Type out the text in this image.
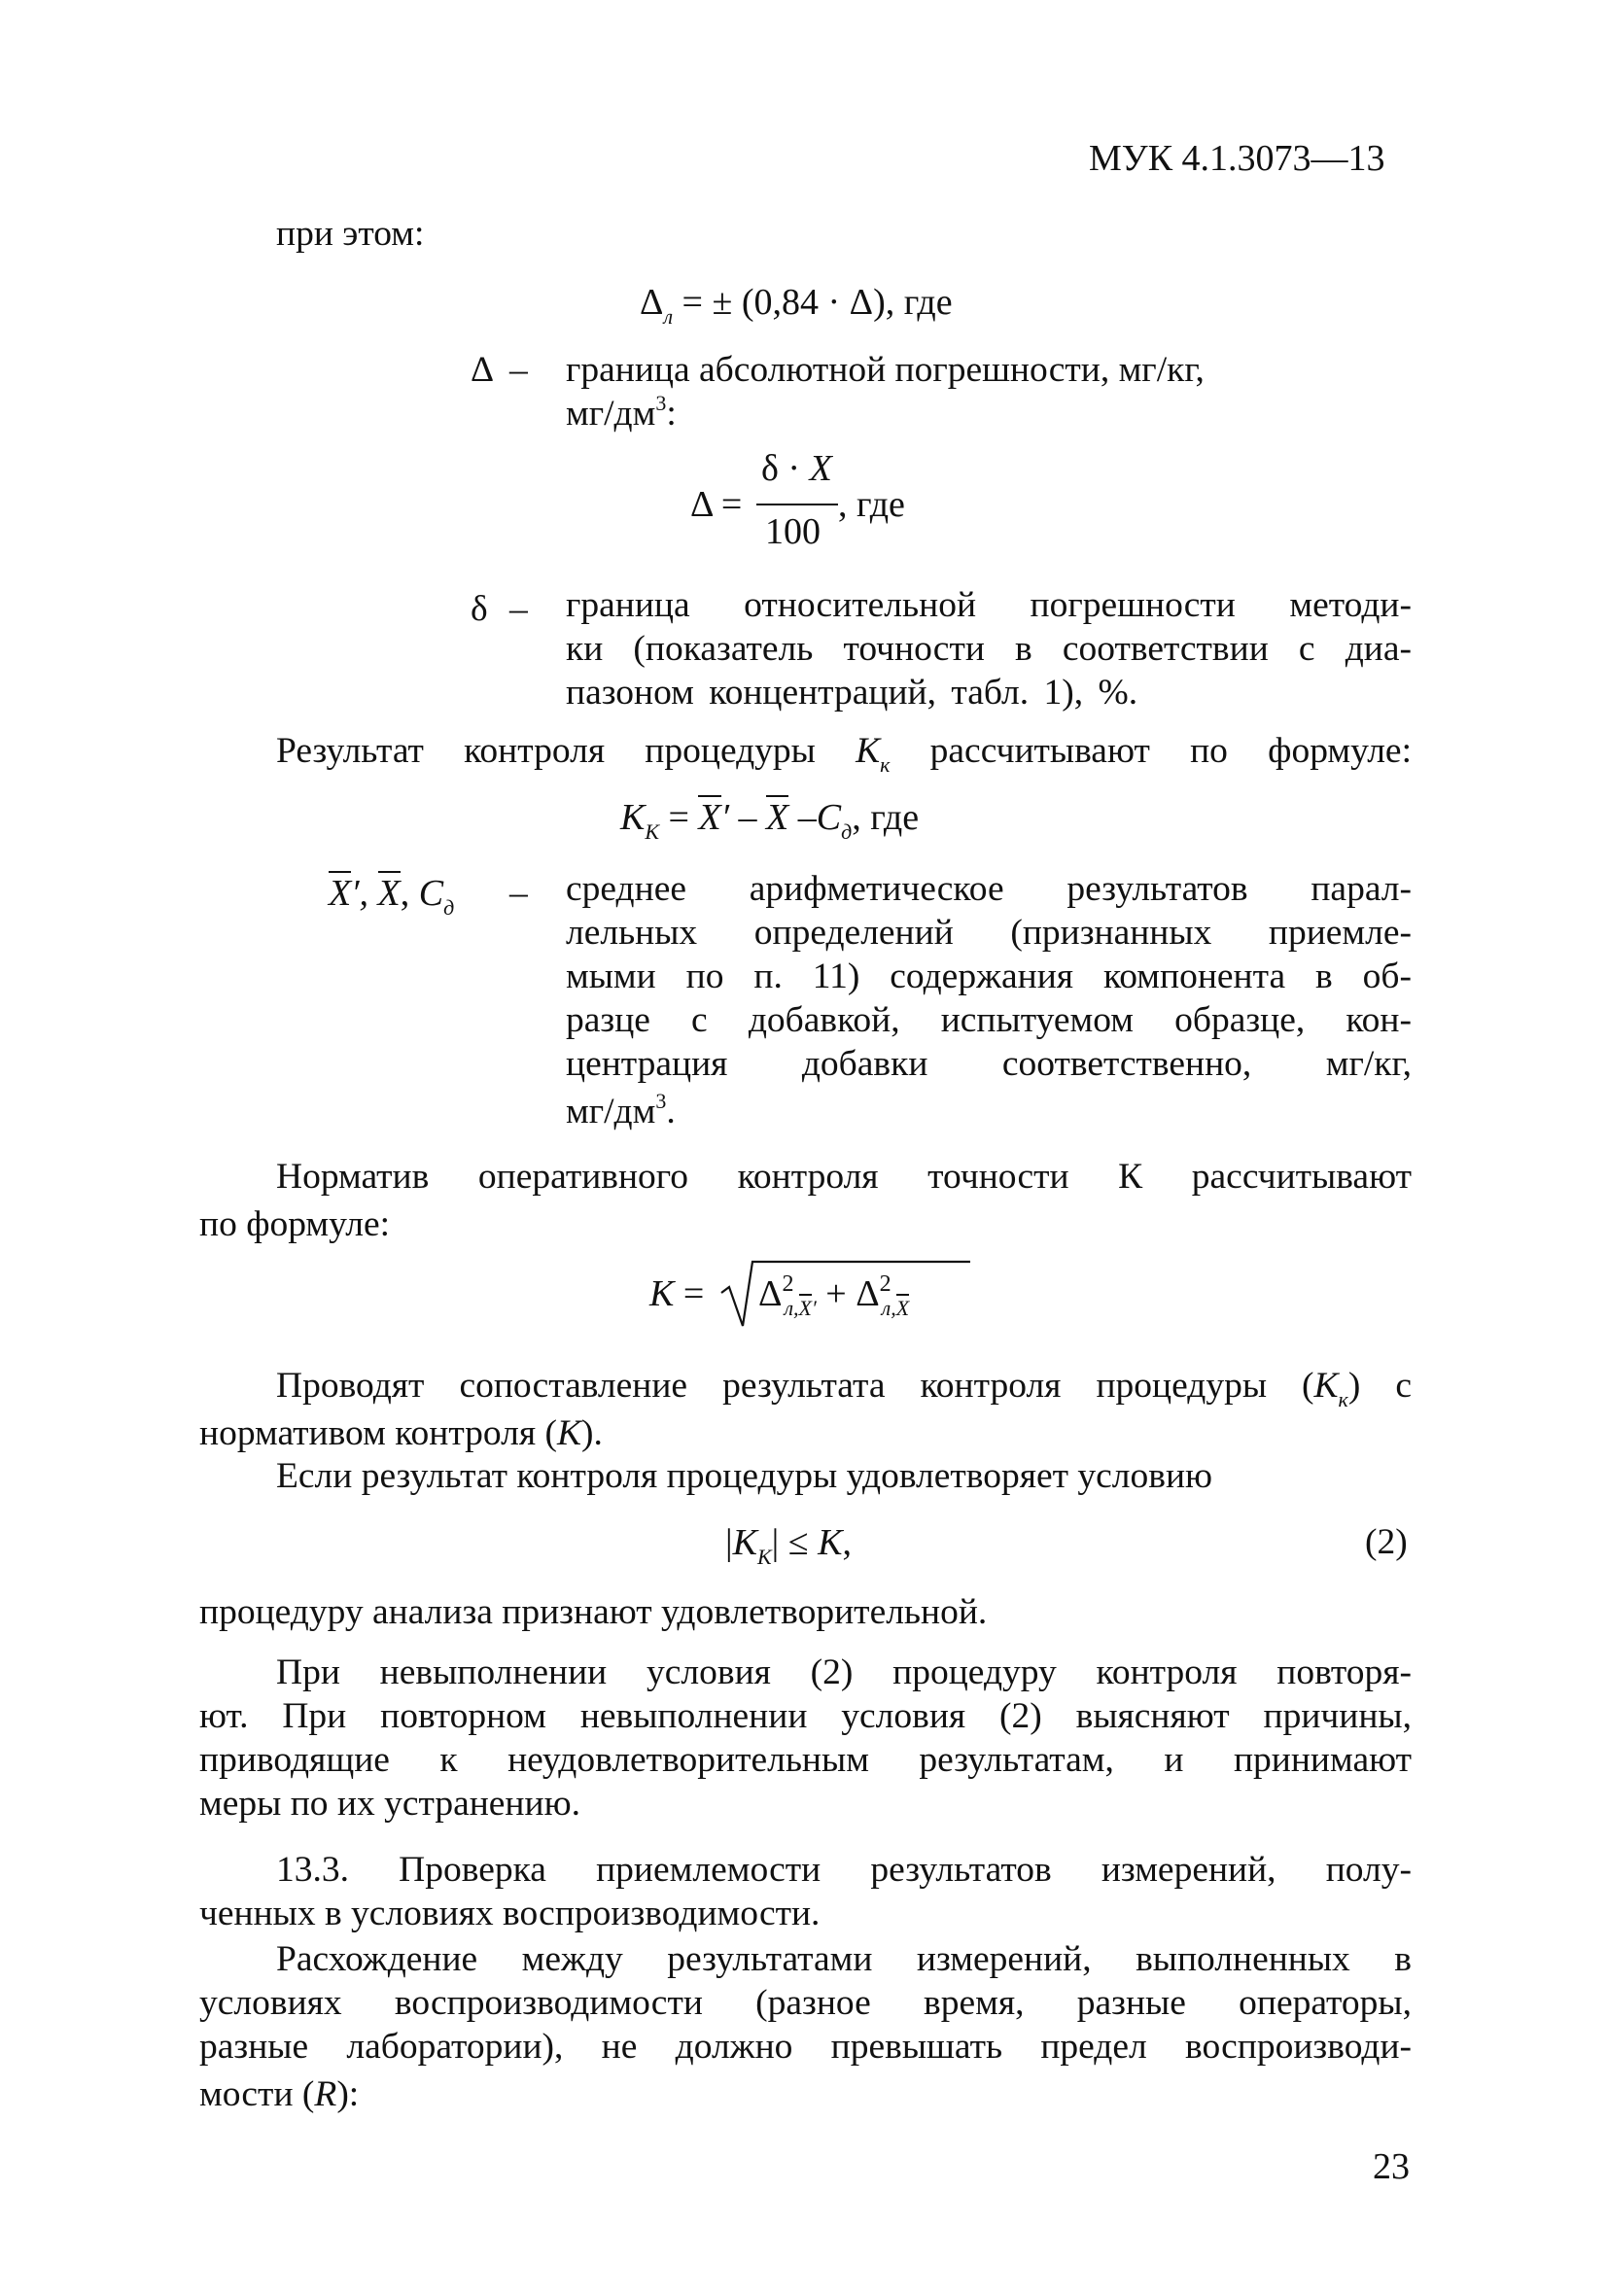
МУК 4.1.3073—13
при этом:
$\Delta_л$ = ± (0,84 · Δ), где
Δ – граница абсолютной погрешности, мг/кг,
$мг/дм^3$:
Δ =
δ · X
100
, где
δ – граница относительной погрешности методи-
ки (показатель точности в соответствии с диа-
пазоном концентраций, табл. 1), %.
Результат контроля процедуры $K_к$ рассчитывают по формуле:
$K_K = X' - X$ $-C_д$, где
X′, X, $C_д$ – среднее арифметическое результатов парал-
лельных определений (признанных приемле-
мыми по п. 11) содержания компонента в об-
разце с добавкой, испытуемом образце, кон-
центрация добавки соответственно, мг/кг,
$мг/дм^3$.
Норматив оперативного контроля точности К рассчитывают
по формуле:
$K = \Delta^2_{л,X'} + \Delta^2_{л,X}$
Проводят сопоставление результата контроля процедуры $(K_к)$ с
нормативом контроля (K).
Если результат контроля процедуры удовлетворяет условию
$|K_K| \le K$,	(2)
процедуру анализа признают удовлетворительной.
При невыполнении условия (2) процедуру контроля повторя-
ют. При повторном невыполнении условия (2) выясняют причины,
приводящие к неудовлетворительным результатам, и принимают
меры по их устранению.
13.3. Проверка приемлемости результатов измерений, полу-
ченных в условиях воспроизводимости.
Расхождение между результатами измерений, выполненных в
условиях воспроизводимости (разное время, разные операторы,
разные лаборатории), не должно превышать предел воспроизводи-
мости (R):
23
